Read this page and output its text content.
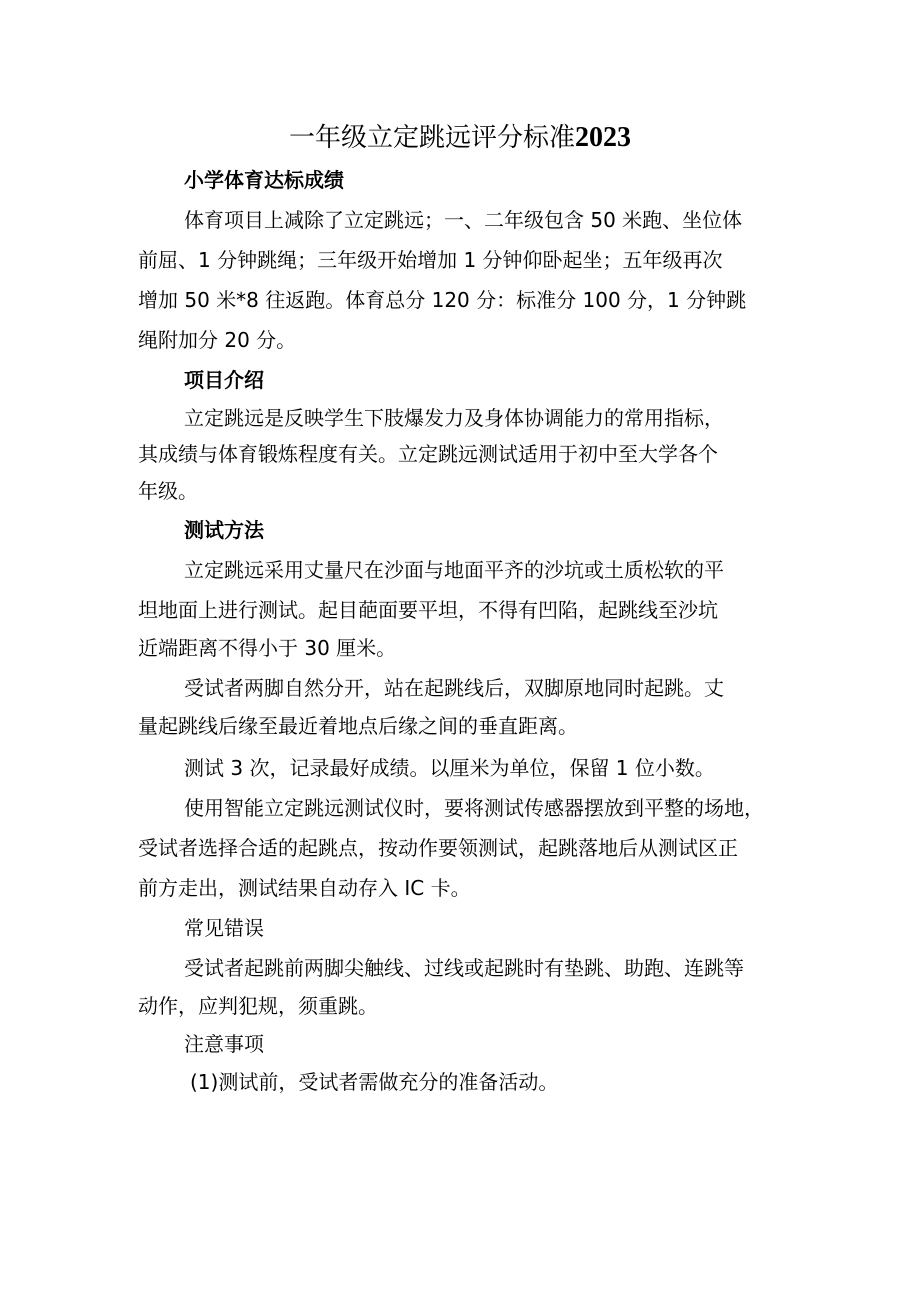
一年级立定跳远评分标准2023
小学体育达标成绩
体育项目上减除了立定跳远；一、二年级包含 50 米跑、坐位体
前屈、1 分钟跳绳；三年级开始增加 1 分钟仰卧起坐；五年级再次
增加 50 米*8 往返跑。体育总分 120 分：标准分 100 分，1 分钟跳
绳附加分 20 分。
项目介绍
立定跳远是反映学生下肢爆发力及身体协调能力的常用指标，
其成绩与体育锻炼程度有关。立定跳远测试适用于初中至大学各个
年级。
测试方法
立定跳远采用丈量尺在沙面与地面平齐的沙坑或土质松软的平
坦地面上进行测试。起目葩面要平坦，不得有凹陷，起跳线至沙坑
近端距离不得小于 30 厘米。
受试者两脚自然分开，站在起跳线后，双脚原地同时起跳。丈
量起跳线后缘至最近着地点后缘之间的垂直距离。
测试 3 次，记录最好成绩。以厘米为单位，保留 1 位小数。
使用智能立定跳远测试仪时，要将测试传感器摆放到平整的场地，
受试者选择合适的起跳点，按动作要领测试，起跳落地后从测试区正
前方走出，测试结果自动存入 IC 卡。
常见错误
受试者起跳前两脚尖触线、过线或起跳时有垫跳、助跑、连跳等
动作，应判犯规，须重跳。
注意事项
(1)测试前，受试者需做充分的准备活动。
